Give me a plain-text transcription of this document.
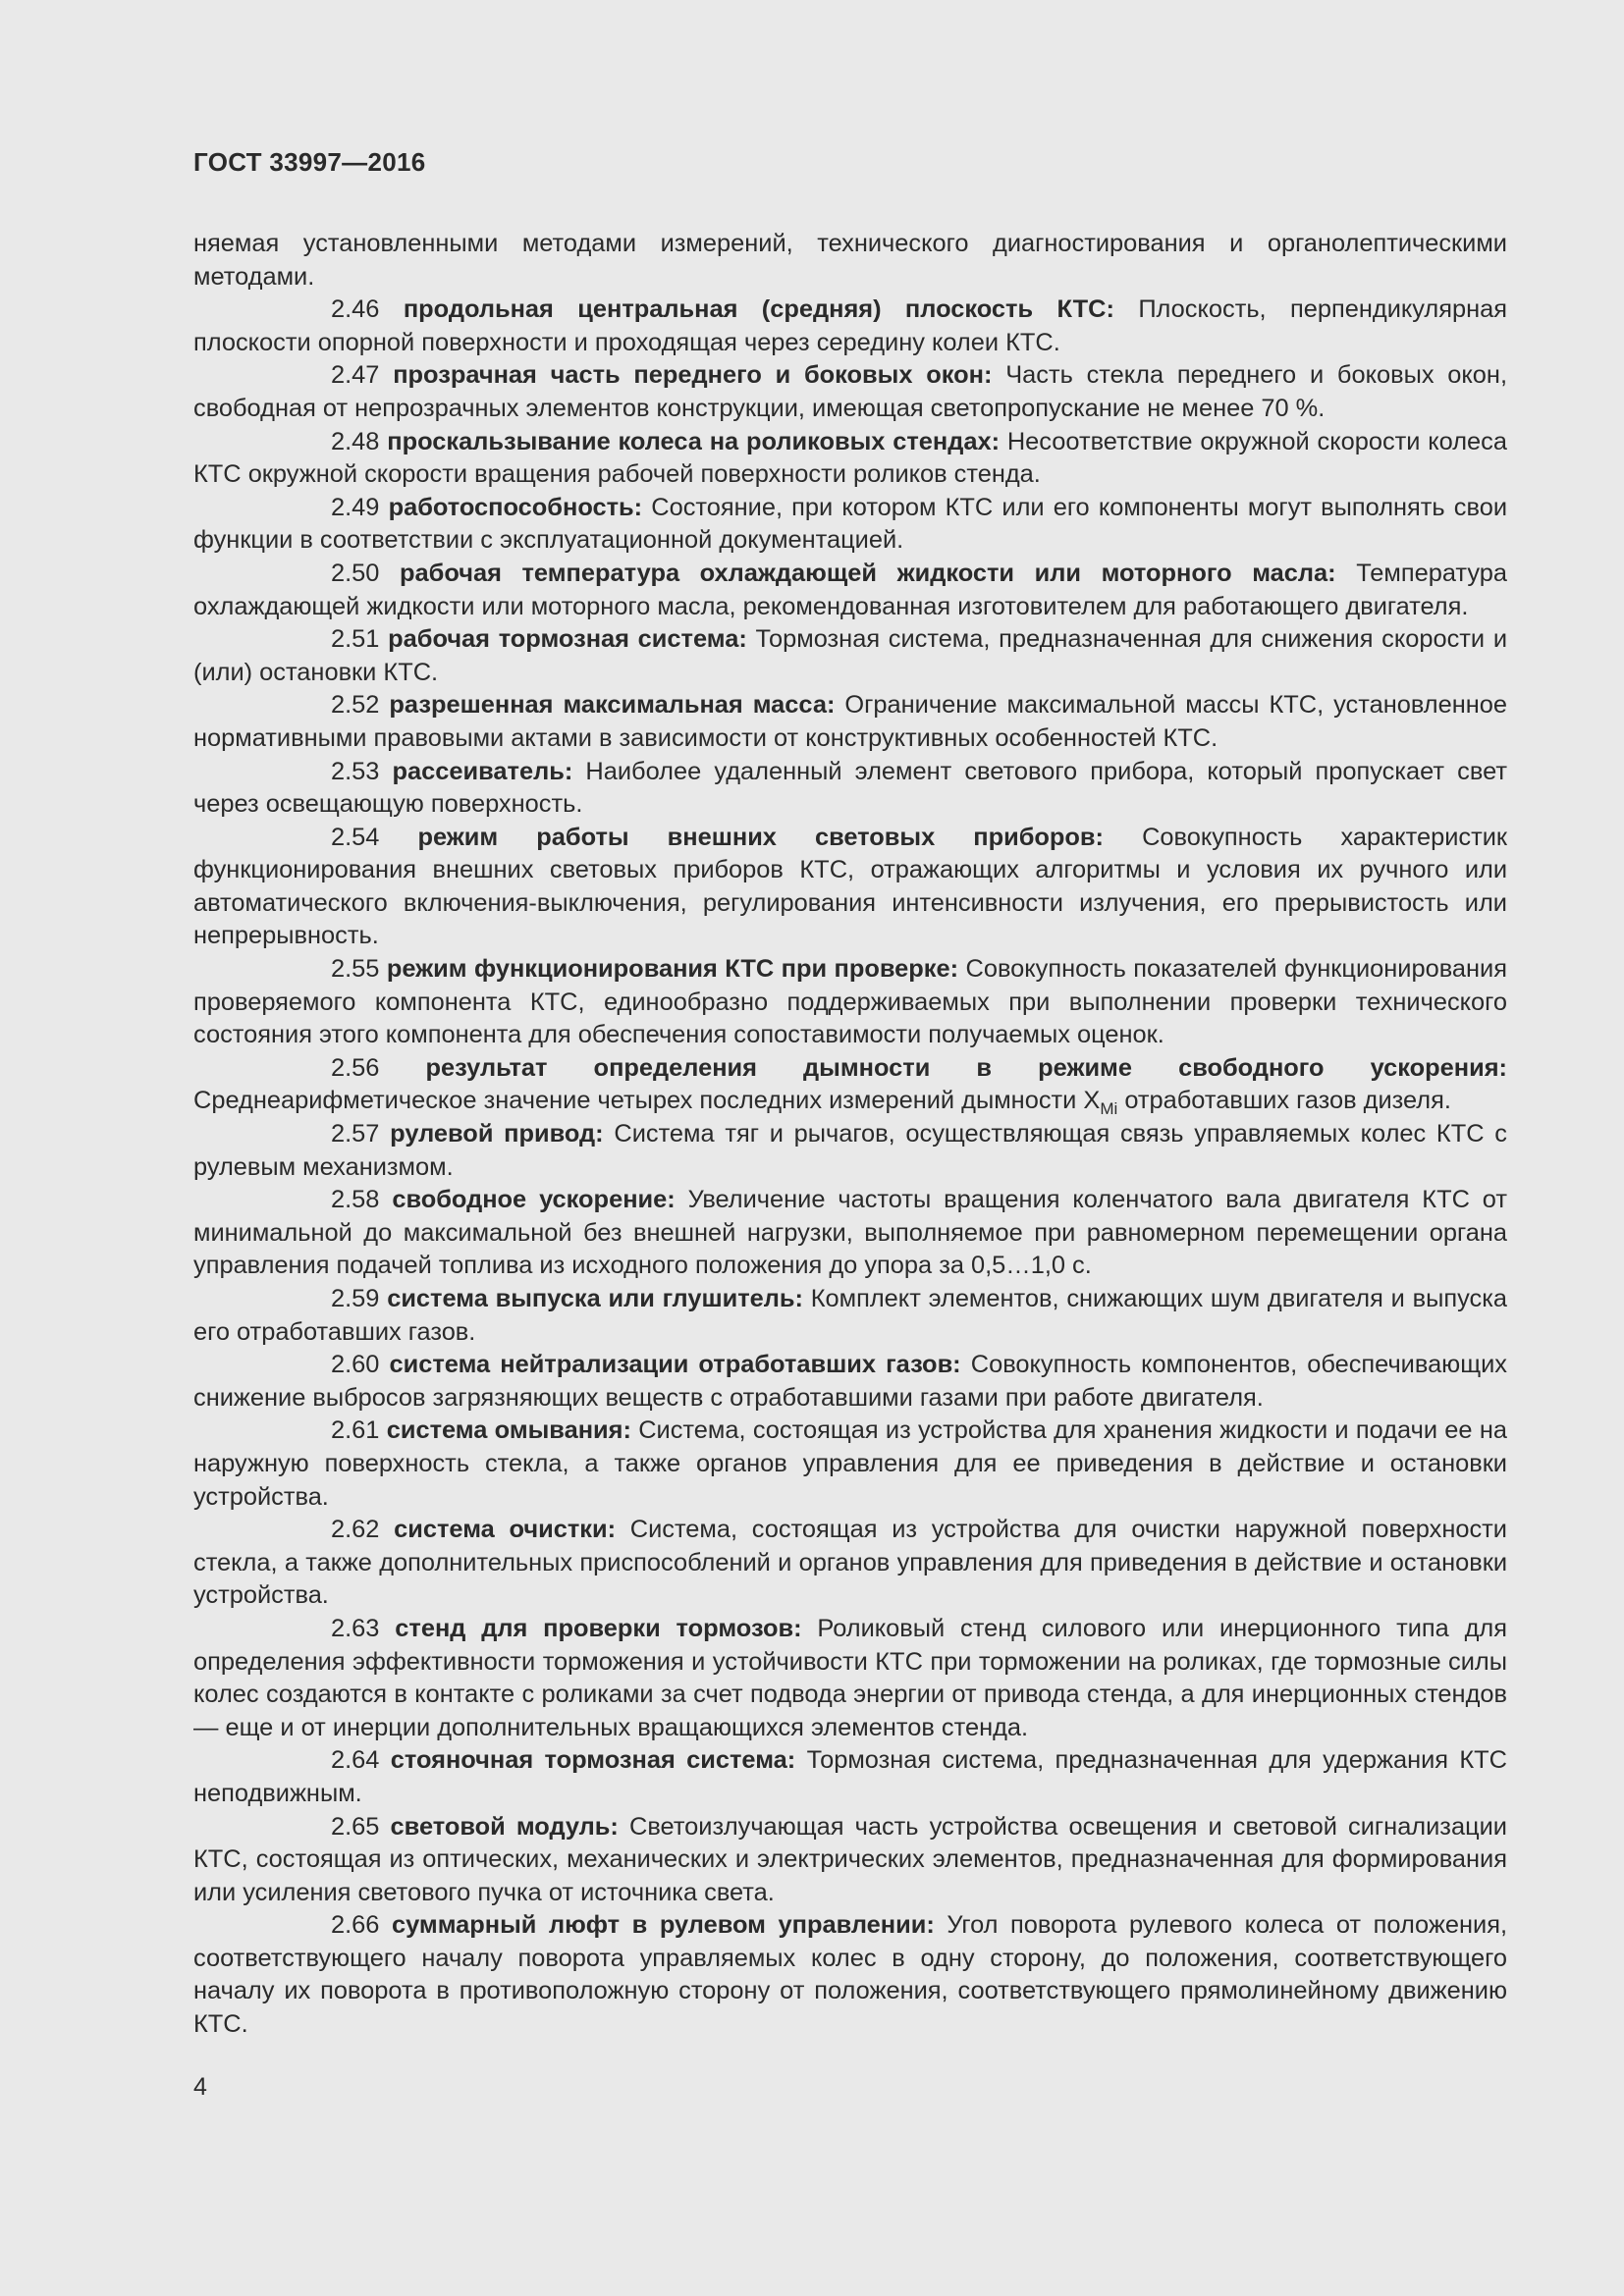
ГОСТ 33997—2016

няемая установленными методами измерений, технического диагностирования и органолептическими методами.

2.46 продольная центральная (средняя) плоскость КТС: Плоскость, перпендикулярная плоскости опорной поверхности и проходящая через середину колеи КТС.

2.47 прозрачная часть переднего и боковых окон: Часть стекла переднего и боковых окон, свободная от непрозрачных элементов конструкции, имеющая светопропускание не менее 70 %.

2.48 проскальзывание колеса на роликовых стендах: Несоответствие окружной скорости колеса КТС окружной скорости вращения рабочей поверхности роликов стенда.

2.49 работоспособность: Состояние, при котором КТС или его компоненты могут выполнять свои функции в соответствии с эксплуатационной документацией.

2.50 рабочая температура охлаждающей жидкости или моторного масла: Температура охлаждающей жидкости или моторного масла, рекомендованная изготовителем для работающего двигателя.

2.51 рабочая тормозная система: Тормозная система, предназначенная для снижения скорости и (или) остановки КТС.

2.52 разрешенная максимальная масса: Ограничение максимальной массы КТС, установленное нормативными правовыми актами в зависимости от конструктивных особенностей КТС.

2.53 рассеиватель: Наиболее удаленный элемент светового прибора, который пропускает свет через освещающую поверхность.

2.54 режим работы внешних световых приборов: Совокупность характеристик функционирования внешних световых приборов КТС, отражающих алгоритмы и условия их ручного или автоматического включения-выключения, регулирования интенсивности излучения, его прерывистость или непрерывность.

2.55 режим функционирования КТС при проверке: Совокупность показателей функционирования проверяемого компонента КТС, единообразно поддерживаемых при выполнении проверки технического состояния этого компонента для обеспечения сопоставимости получаемых оценок.

2.56 результат определения дымности в режиме свободного ускорения: Среднеарифметическое значение четырех последних измерений дымности $X_{Mi}$ отработавших газов дизеля.

2.57 рулевой привод: Система тяг и рычагов, осуществляющая связь управляемых колес КТС с рулевым механизмом.

2.58 свободное ускорение: Увеличение частоты вращения коленчатого вала двигателя КТС от минимальной до максимальной без внешней нагрузки, выполняемое при равномерном перемещении органа управления подачей топлива из исходного положения до упора за 0,5…1,0 с.

2.59 система выпуска или глушитель: Комплект элементов, снижающих шум двигателя и выпуска его отработавших газов.

2.60 система нейтрализации отработавших газов: Совокупность компонентов, обеспечивающих снижение выбросов загрязняющих веществ с отработавшими газами при работе двигателя.

2.61 система омывания: Система, состоящая из устройства для хранения жидкости и подачи ее на наружную поверхность стекла, а также органов управления для ее приведения в действие и остановки устройства.

2.62 система очистки: Система, состоящая из устройства для очистки наружной поверхности стекла, а также дополнительных приспособлений и органов управления для приведения в действие и остановки устройства.

2.63 стенд для проверки тормозов: Роликовый стенд силового или инерционного типа для определения эффективности торможения и устойчивости КТС при торможении на роликах, где тормозные силы колес создаются в контакте с роликами за счет подвода энергии от привода стенда, а для инерционных стендов — еще и от инерции дополнительных вращающихся элементов стенда.

2.64 стояночная тормозная система: Тормозная система, предназначенная для удержания КТС неподвижным.

2.65 световой модуль: Светоизлучающая часть устройства освещения и световой сигнализации КТС, состоящая из оптических, механических и электрических элементов, предназначенная для формирования или усиления светового пучка от источника света.

2.66 суммарный люфт в рулевом управлении: Угол поворота рулевого колеса от положения, соответствующего началу поворота управляемых колес в одну сторону, до положения, соответствующего началу их поворота в противоположную сторону от положения, соответствующего прямолинейному движению КТС.

4
